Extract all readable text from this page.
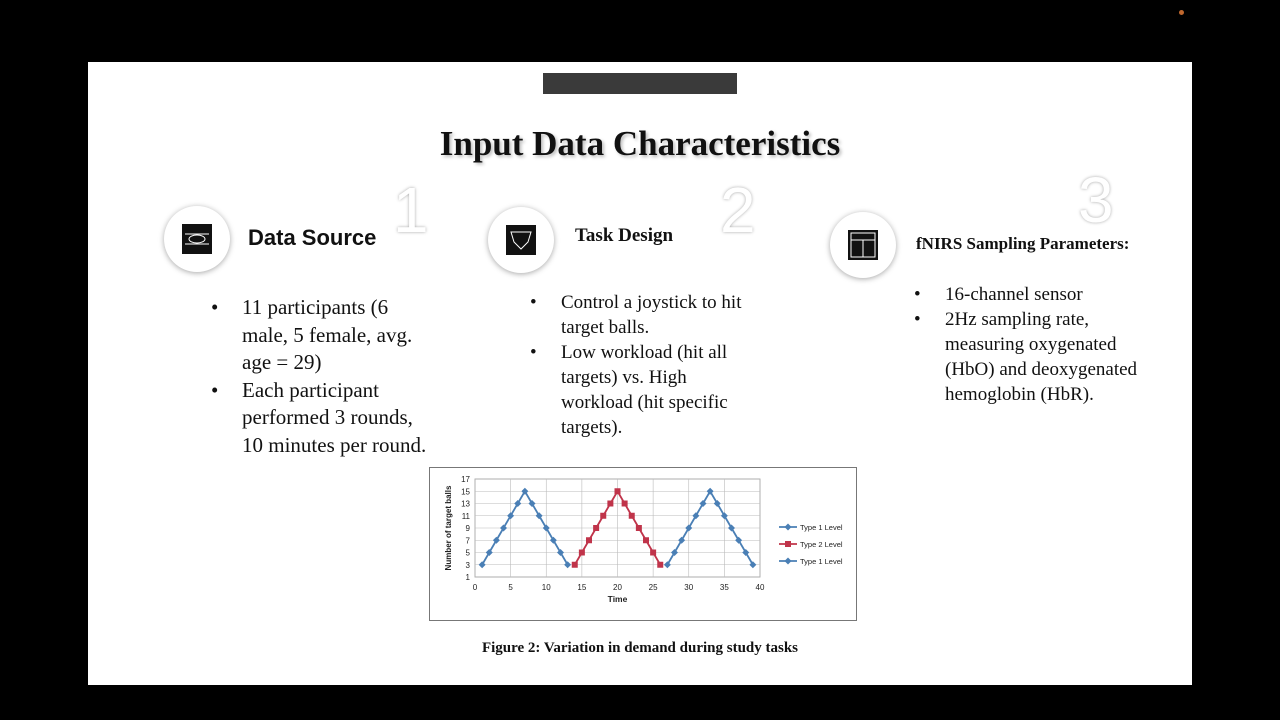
Input Data Characteristics
1
Data Source
• 11 participants (6 male, 5 female, avg. age = 29)
• Each participant performed 3 rounds, 10 minutes per round.
2
Task Design
• Control a joystick to hit target balls.
• Low workload (hit all targets) vs. High workload (hit specific targets).
3
fNIRS Sampling Parameters:
• 16-channel sensor
• 2Hz sampling rate, measuring oxygenated (HbO) and deoxygenated hemoglobin (HbR).
0	5	10	15	20	25	30	35	40
1
3
5
7
9
11
13
15
17
Time
Number of target balls	Type 1 Level
Type 2 Level
Type 1 Level

Figure 2: Variation in demand during study tasks
